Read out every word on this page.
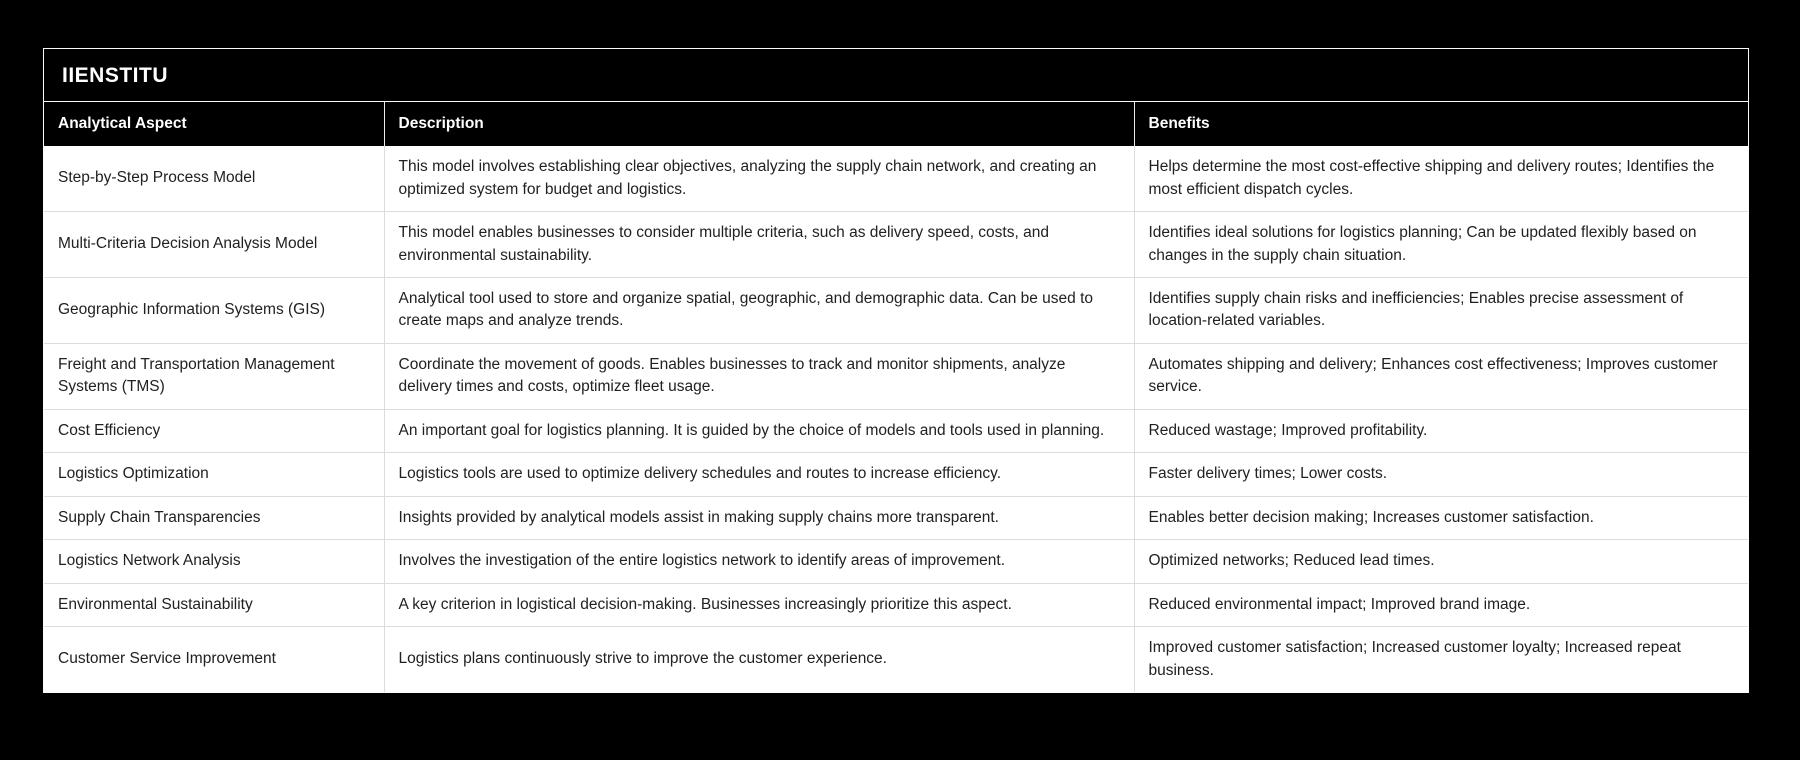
IIENSTITU
Analytical Aspect	Description	Benefits
Step-by-Step Process Model	This model involves establishing clear objectives, analyzing the supply chain network, and creating an optimized system for budget and logistics.	Helps determine the most cost-effective shipping and delivery routes; Identifies the most efficient dispatch cycles.
Multi-Criteria Decision Analysis Model	This model enables businesses to consider multiple criteria, such as delivery speed, costs, and environmental sustainability.	Identifies ideal solutions for logistics planning; Can be updated flexibly based on changes in the supply chain situation.
Geographic Information Systems (GIS)	Analytical tool used to store and organize spatial, geographic, and demographic data. Can be used to create maps and analyze trends.	Identifies supply chain risks and inefficiencies; Enables precise assessment of location-related variables.
Freight and Transportation Management Systems (TMS)	Coordinate the movement of goods. Enables businesses to track and monitor shipments, analyze delivery times and costs, optimize fleet usage.	Automates shipping and delivery; Enhances cost effectiveness; Improves customer service.
Cost Efficiency	An important goal for logistics planning. It is guided by the choice of models and tools used in planning.	Reduced wastage; Improved profitability.
Logistics Optimization	Logistics tools are used to optimize delivery schedules and routes to increase efficiency.	Faster delivery times; Lower costs.
Supply Chain Transparencies	Insights provided by analytical models assist in making supply chains more transparent.	Enables better decision making; Increases customer satisfaction.
Logistics Network Analysis	Involves the investigation of the entire logistics network to identify areas of improvement.	Optimized networks; Reduced lead times.
Environmental Sustainability	A key criterion in logistical decision-making. Businesses increasingly prioritize this aspect.	Reduced environmental impact; Improved brand image.
Customer Service Improvement	Logistics plans continuously strive to improve the customer experience.	Improved customer satisfaction; Increased customer loyalty; Increased repeat business.
